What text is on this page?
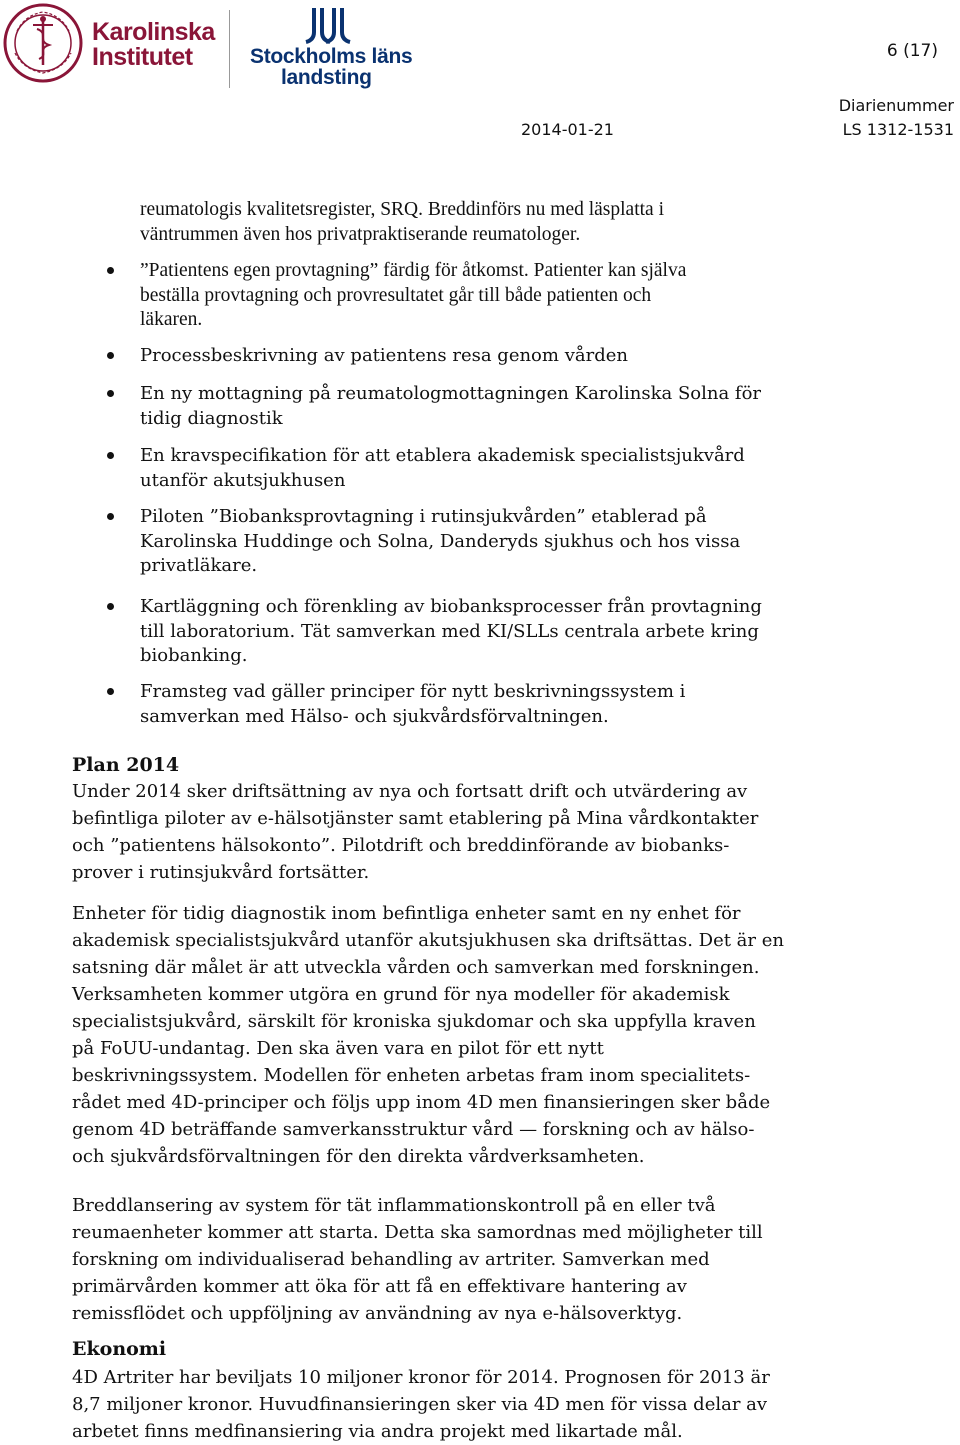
Karolinska
Institutet	Stockholms läns
landsting
6 (17)
Diarienummer
2014-01-21	LS 1312-1531
reumatologis kvalitetsregister, SRQ. Breddinförs nu med läsplatta i
väntrummen även hos privatpraktiserande reumatologer.
”Patientens egen provtagning” färdig för åtkomst. Patienter kan själva
beställa provtagning och provresultatet går till både patienten och
läkaren.
Processbeskrivning av patientens resa genom vården
En ny mottagning på reumatologmottagningen Karolinska Solna för
tidig diagnostik
En kravspecifikation för att etablera akademisk specialistsjukvård
utanför akutsjukhusen
Piloten ”Biobanksprovtagning i rutinsjukvården” etablerad på
Karolinska Huddinge och Solna, Danderyds sjukhus och hos vissa
privatläkare.
Kartläggning och förenkling av biobanksprocesser från provtagning
till laboratorium. Tät samverkan med KI/SLLs centrala arbete kring
biobanking.
Framsteg vad gäller principer för nytt beskrivningssystem i
samverkan med Hälso- och sjukvårdsförvaltningen.
Plan 2014
Under 2014 sker driftsättning av nya och fortsatt drift och utvärdering av
befintliga piloter av e-hälsotjänster samt etablering på Mina vårdkontakter
och ”patientens hälsokonto”. Pilotdrift och breddinförande av biobanks-
prover i rutinsjukvård fortsätter.
Enheter för tidig diagnostik inom befintliga enheter samt en ny enhet för
akademisk specialistsjukvård utanför akutsjukhusen ska driftsättas. Det är en
satsning där målet är att utveckla vården och samverkan med forskningen.
Verksamheten kommer utgöra en grund för nya modeller för akademisk
specialistsjukvård, särskilt för kroniska sjukdomar och ska uppfylla kraven
på FoUU-undantag. Den ska även vara en pilot för ett nytt
beskrivningssystem. Modellen för enheten arbetas fram inom specialitets-
rådet med 4D-principer och följs upp inom 4D men finansieringen sker både
genom 4D beträffande samverkansstruktur vård — forskning och av hälso-
och sjukvårdsförvaltningen för den direkta vårdverksamheten.
Breddlansering av system för tät inflammationskontroll på en eller två
reumaenheter kommer att starta. Detta ska samordnas med möjligheter till
forskning om individualiserad behandling av artriter. Samverkan med
primärvården kommer att öka för att få en effektivare hantering av
remissflödet och uppföljning av användning av nya e-hälsoverktyg.
Ekonomi
4D Artriter har beviljats 10 miljoner kronor för 2014. Prognosen för 2013 är
8,7 miljoner kronor. Huvudfinansieringen sker via 4D men för vissa delar av
arbetet finns medfinansiering via andra projekt med likartade mål.
